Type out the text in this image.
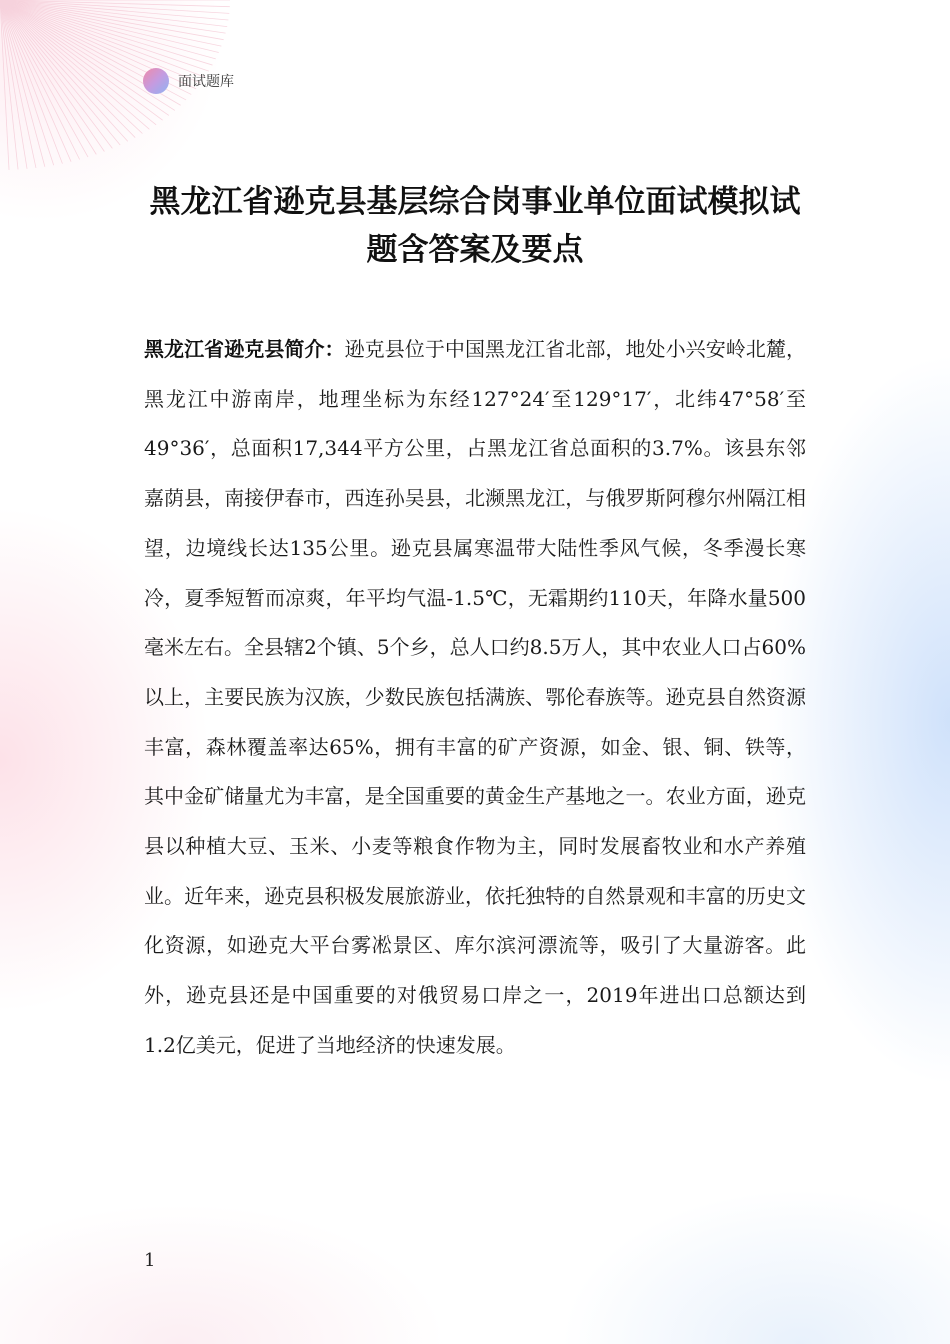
面试题库
黑龙江省逊克县基层综合岗事业单位面试模拟试题含答案及要点

黑龙江省逊克县简介：逊克县位于中国黑龙江省北部，地处小兴安岭北麓，黑龙江中游南岸，地理坐标为东经127°24′至129°17′，北纬47°58′至49°36′，总面积17,344平方公里，占黑龙江省总面积的3.7%。该县东邻嘉荫县，南接伊春市，西连孙吴县，北濒黑龙江，与俄罗斯阿穆尔州隔江相望，边境线长达135公里。逊克县属寒温带大陆性季风气候，冬季漫长寒冷，夏季短暂而凉爽，年平均气温-1.5℃，无霜期约110天，年降水量500毫米左右。全县辖2个镇、5个乡，总人口约8.5万人，其中农业人口占60%以上，主要民族为汉族，少数民族包括满族、鄂伦春族等。逊克县自然资源丰富，森林覆盖率达65%，拥有丰富的矿产资源，如金、银、铜、铁等，其中金矿储量尤为丰富，是全国重要的黄金生产基地之一。农业方面，逊克县以种植大豆、玉米、小麦等粮食作物为主，同时发展畜牧业和水产养殖业。近年来，逊克县积极发展旅游业，依托独特的自然景观和丰富的历史文化资源，如逊克大平台雾凇景区、库尔滨河漂流等，吸引了大量游客。此外，逊克县还是中国重要的对俄贸易口岸之一，2019年进出口总额达到1.2亿美元，促进了当地经济的快速发展。

1
